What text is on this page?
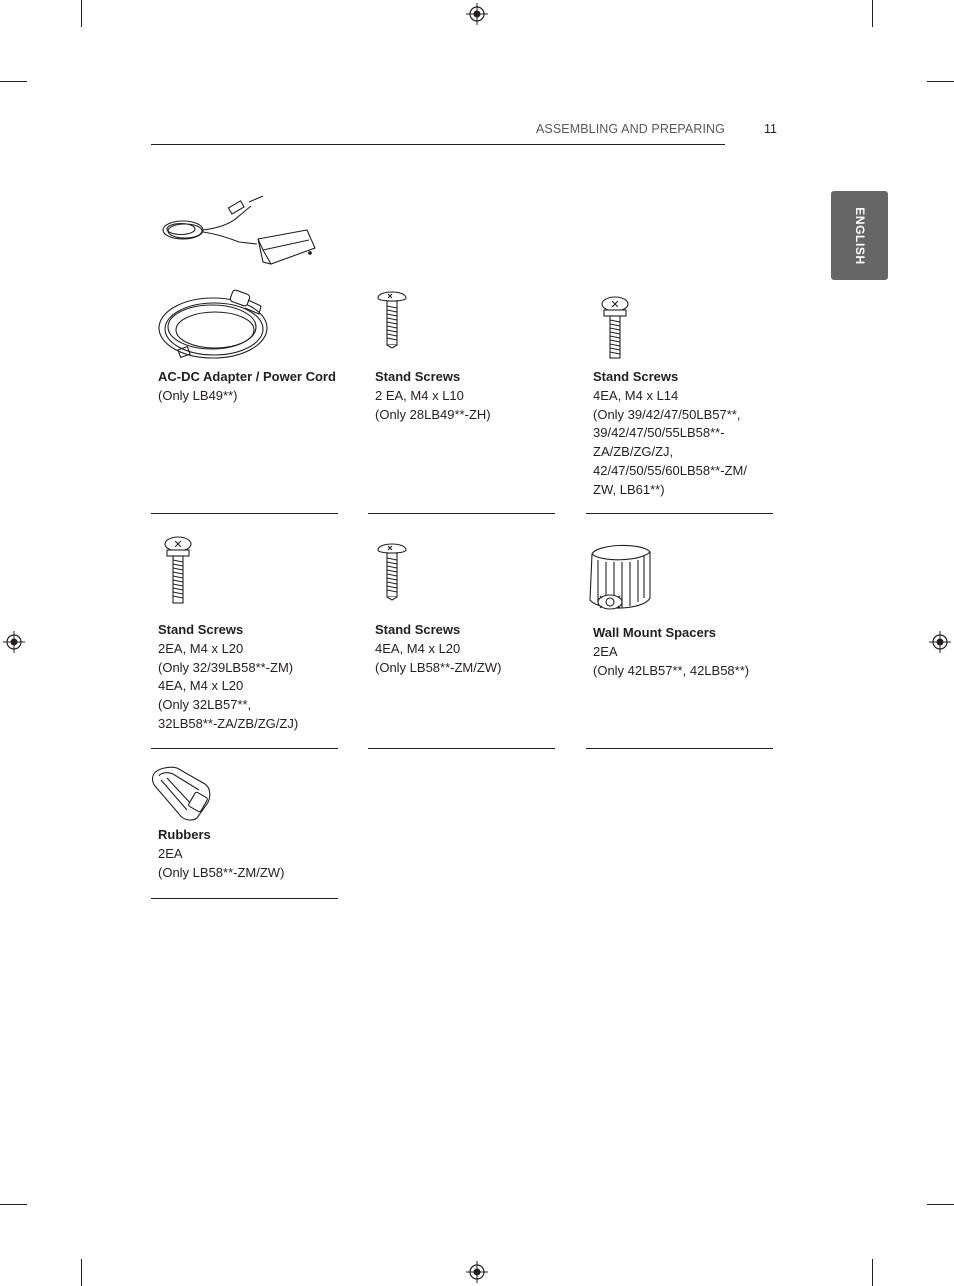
ASSEMBLING AND PREPARING	11
ENGLISH
AC-DC Adapter / Power Cord
(Only LB49**)
Stand Screws
2 EA, M4 x L10
(Only 28LB49**-ZH)
Stand Screws
4EA, M4 x L14
(Only 39/42/47/50LB57**,
39/42/47/50/55LB58**-
ZA/ZB/ZG/ZJ,
42/47/50/55/60LB58**-ZM/
ZW, LB61**)
Stand Screws
2EA, M4 x L20
(Only 32/39LB58**-ZM)
4EA, M4 x L20
(Only 32LB57**,
32LB58**-ZA/ZB/ZG/ZJ)
Stand Screws
4EA, M4 x L20
(Only LB58**-ZM/ZW)
Wall Mount Spacers
2EA
(Only 42LB57**, 42LB58**)
Rubbers
2EA
(Only LB58**-ZM/ZW)
